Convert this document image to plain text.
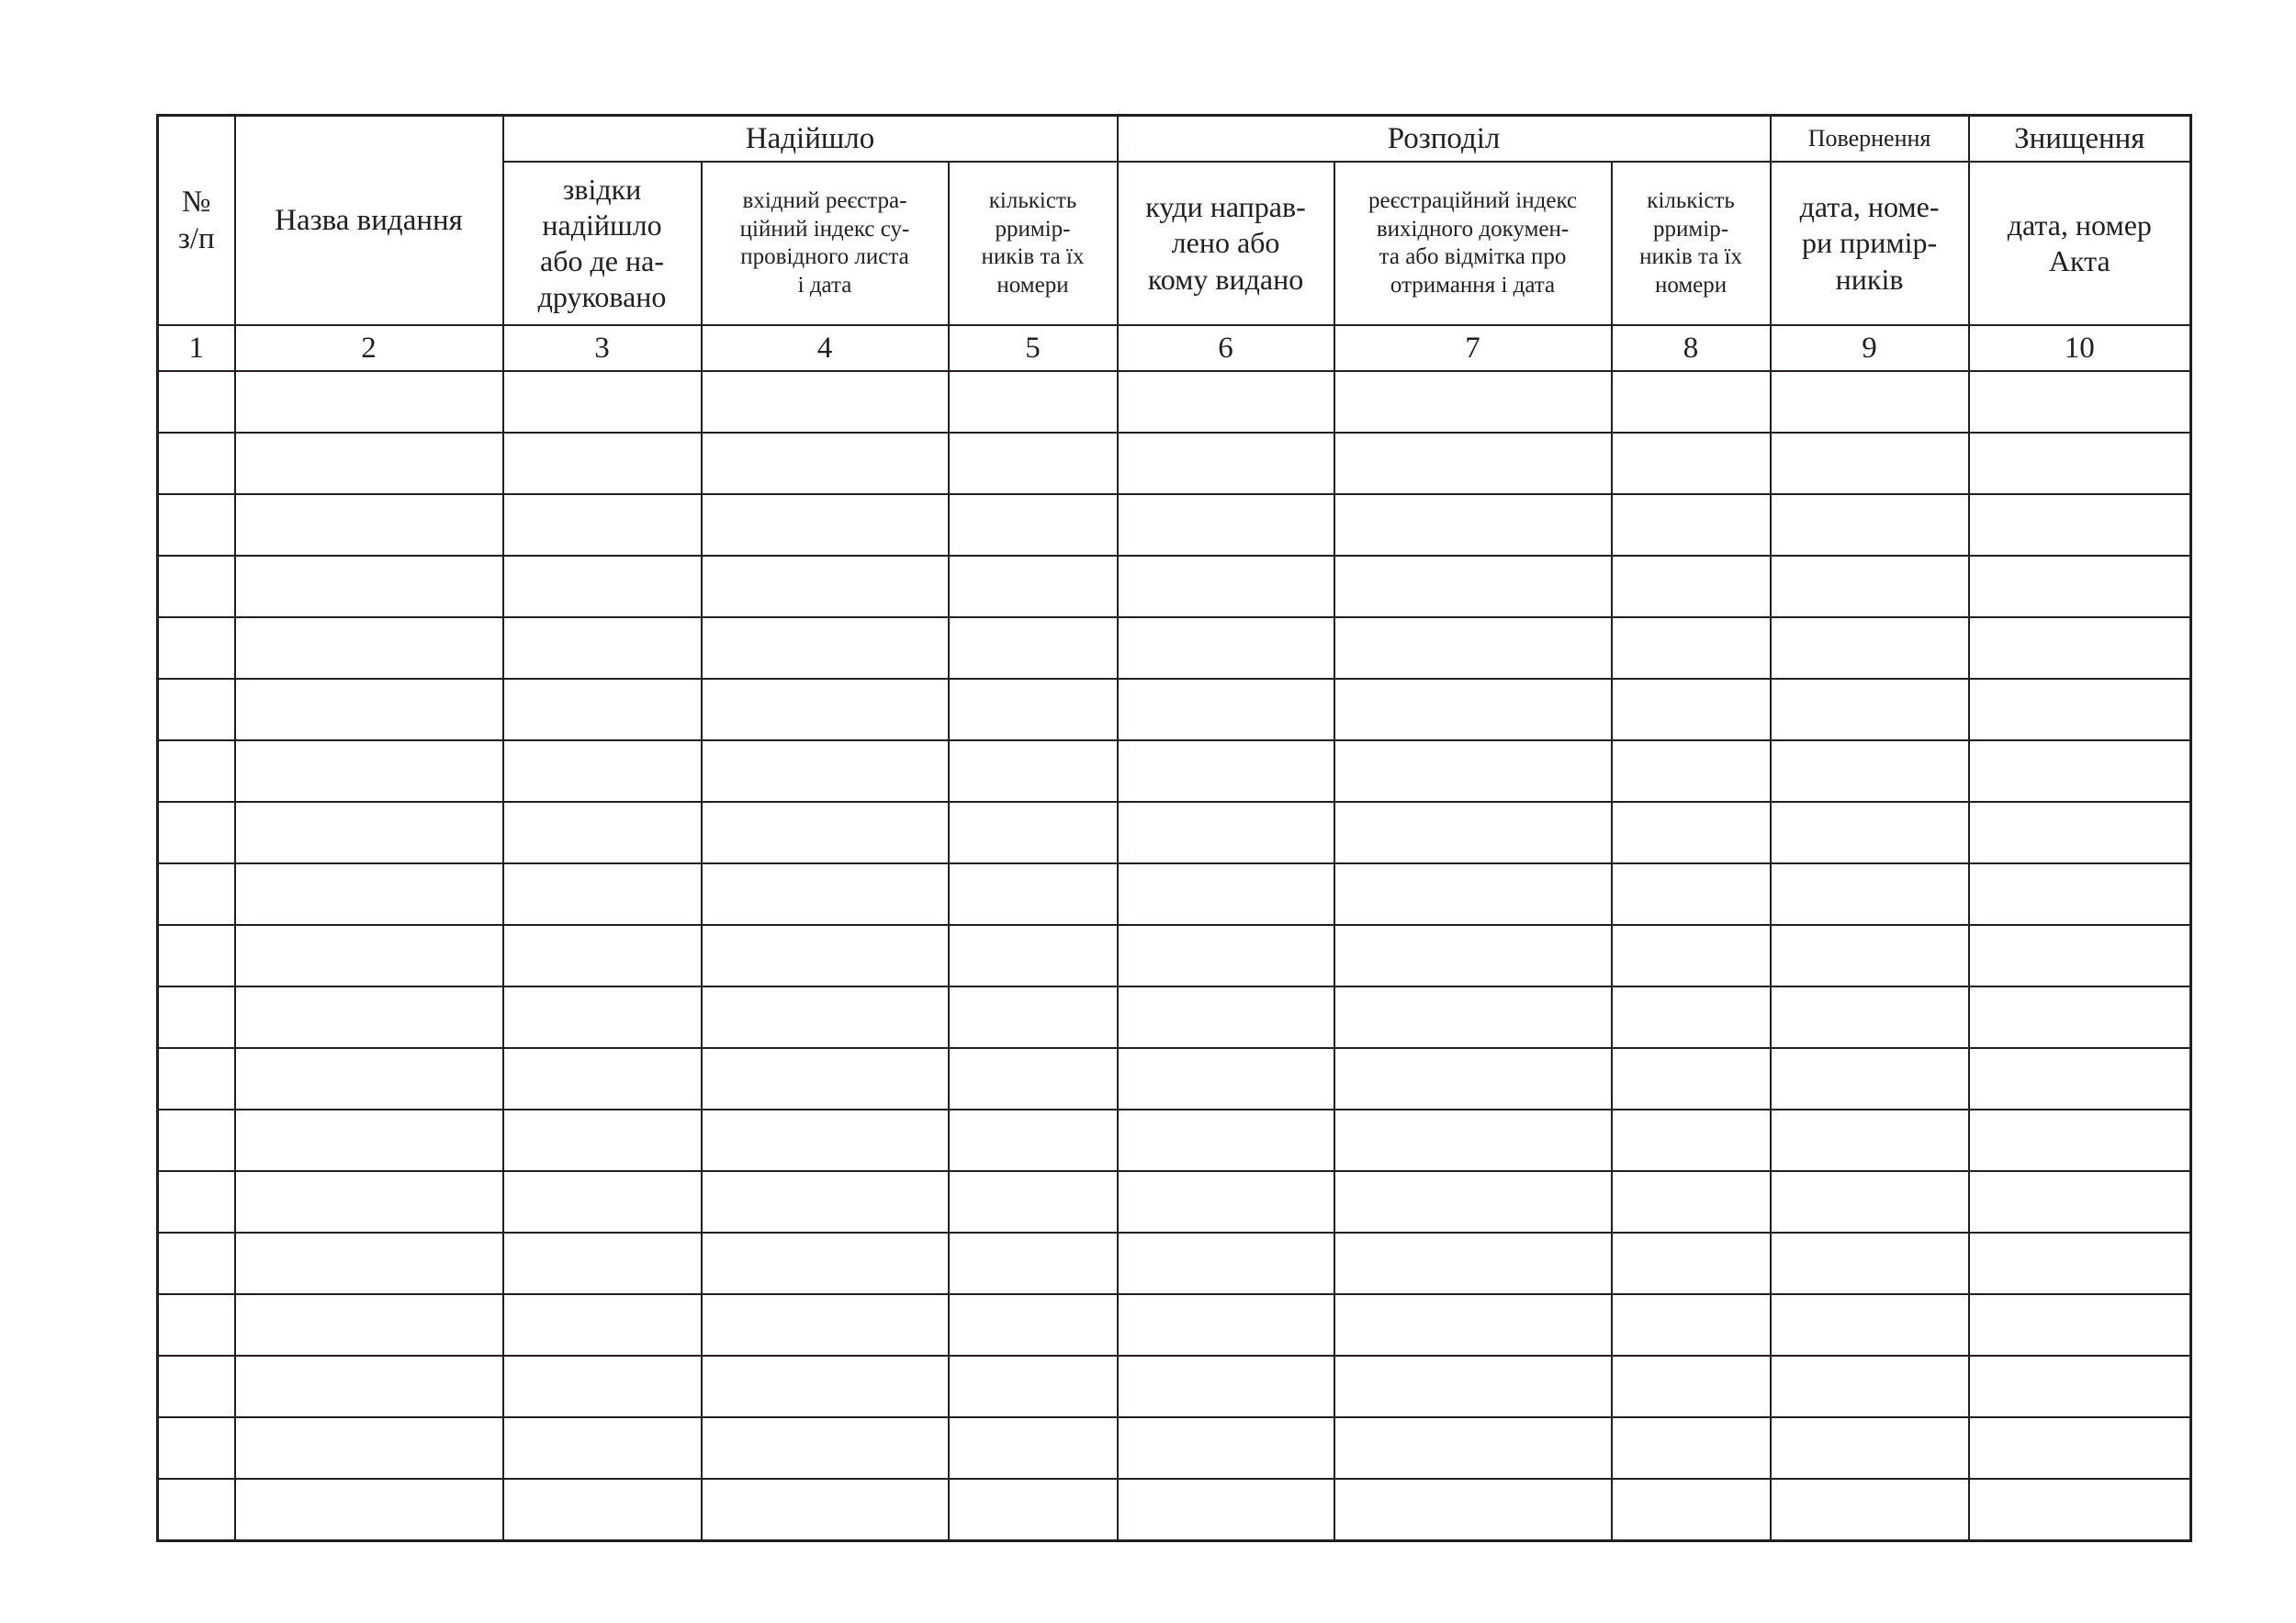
№
з/п	Назва видання	Надійшло			Розподіл			Повернення	Знищення

		звідки
надійшло
або де на-
друковано	вхідний реєстра-
ційний індекс су-
провідного листа
і дата	кількість
pримір-
ників та їх
номери	куди направ-
лено або
кому видано	реєстраційний індекс
вихідного докумен-
та або відмітка про
отримання і дата	кількість
pримір-
ників та їх
номери	дата, номе-
ри примір-
ників	дата, номер
Акта

1	2	3	4	5	6	7	8	9	10
